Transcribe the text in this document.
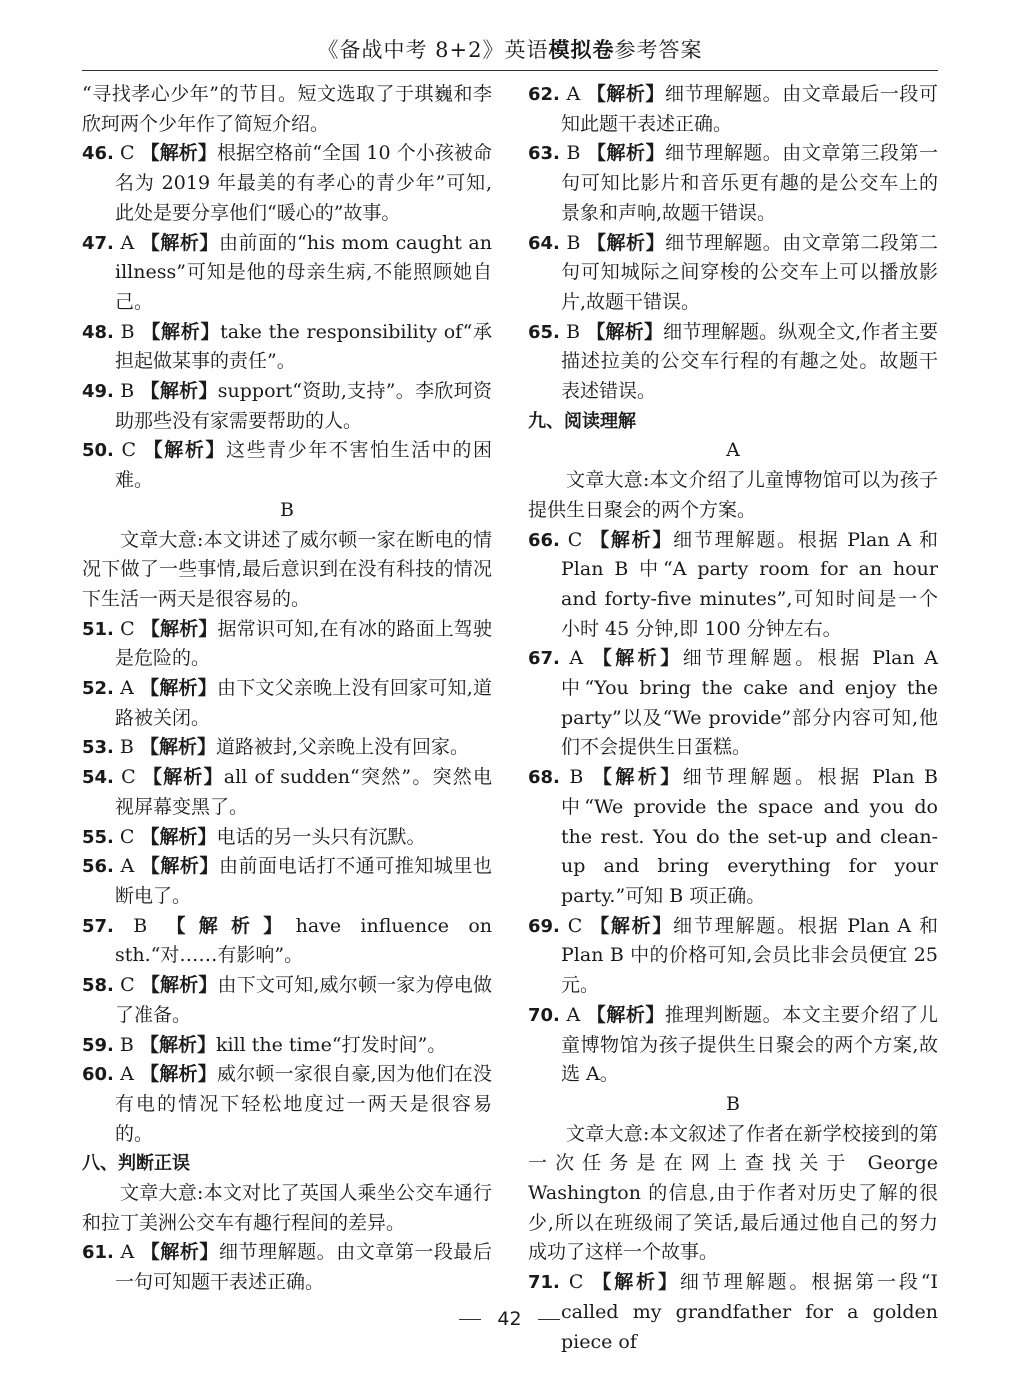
《备战中考 8+2》英语模拟卷参考答案

“寻找孝心少年”的节目。短文选取了于琪巍和李欣珂两个少年作了简短介绍。

46. C 【解析】根据空格前“全国 10 个小孩被命名为 2019 年最美的有孝心的青少年”可知,此处是要分享他们“暖心的”故事。

47. A 【解析】由前面的“his mom caught an illness”可知是他的母亲生病,不能照顾她自己。

48. B 【解析】take the responsibility of“承担起做某事的责任”。

49. B 【解析】support“资助,支持”。李欣珂资助那些没有家需要帮助的人。

50. C 【解析】这些青少年不害怕生活中的困难。

B

文章大意:本文讲述了威尔顿一家在断电的情况下做了一些事情,最后意识到在没有科技的情况下生活一两天是很容易的。

51. C 【解析】据常识可知,在有冰的路面上驾驶是危险的。

52. A 【解析】由下文父亲晚上没有回家可知,道路被关闭。

53. B 【解析】道路被封,父亲晚上没有回家。

54. C 【解析】all of sudden“突然”。突然电视屏幕变黑了。

55. C 【解析】电话的另一头只有沉默。

56. A 【解析】由前面电话打不通可推知城里也断电了。

57. B 【解析】have influence on sth.“对……有影响”。

58. C 【解析】由下文可知,威尔顿一家为停电做了准备。

59. B 【解析】kill the time“打发时间”。

60. A 【解析】威尔顿一家很自豪,因为他们在没有电的情况下轻松地度过一两天是很容易的。

八、判断正误

文章大意:本文对比了英国人乘坐公交车通行和拉丁美洲公交车有趣行程间的差异。

61. A 【解析】细节理解题。由文章第一段最后一句可知题干表述正确。

62. A 【解析】细节理解题。由文章最后一段可知此题干表述正确。

63. B 【解析】细节理解题。由文章第三段第一句可知比影片和音乐更有趣的是公交车上的景象和声响,故题干错误。

64. B 【解析】细节理解题。由文章第二段第二句可知城际之间穿梭的公交车上可以播放影片,故题干错误。

65. B 【解析】细节理解题。纵观全文,作者主要描述拉美的公交车行程的有趣之处。故题干表述错误。

九、阅读理解

A

文章大意:本文介绍了儿童博物馆可以为孩子提供生日聚会的两个方案。

66. C 【解析】细节理解题。根据 Plan A 和 Plan B 中“A party room for an hour and forty-five minutes”,可知时间是一个小时 45 分钟,即 100 分钟左右。

67. A 【解析】细节理解题。根据 Plan A 中“You bring the cake and enjoy the party”以及“We provide”部分内容可知,他们不会提供生日蛋糕。

68. B 【解析】细节理解题。根据 Plan B 中“We provide the space and you do the rest. You do the set-up and clean-up and bring everything for your party.”可知 B 项正确。

69. C 【解析】细节理解题。根据 Plan A 和 Plan B 中的价格可知,会员比非会员便宜 25 元。

70. A 【解析】推理判断题。本文主要介绍了儿童博物馆为孩子提供生日聚会的两个方案,故选 A。

B

文章大意:本文叙述了作者在新学校接到的第一次任务是在网上查找关于 George Washington 的信息,由于作者对历史了解的很少,所以在班级闹了笑话,最后通过他自己的努力成功了这样一个故事。

71. C 【解析】细节理解题。根据第一段“I called my grandfather for a golden piece of

42
